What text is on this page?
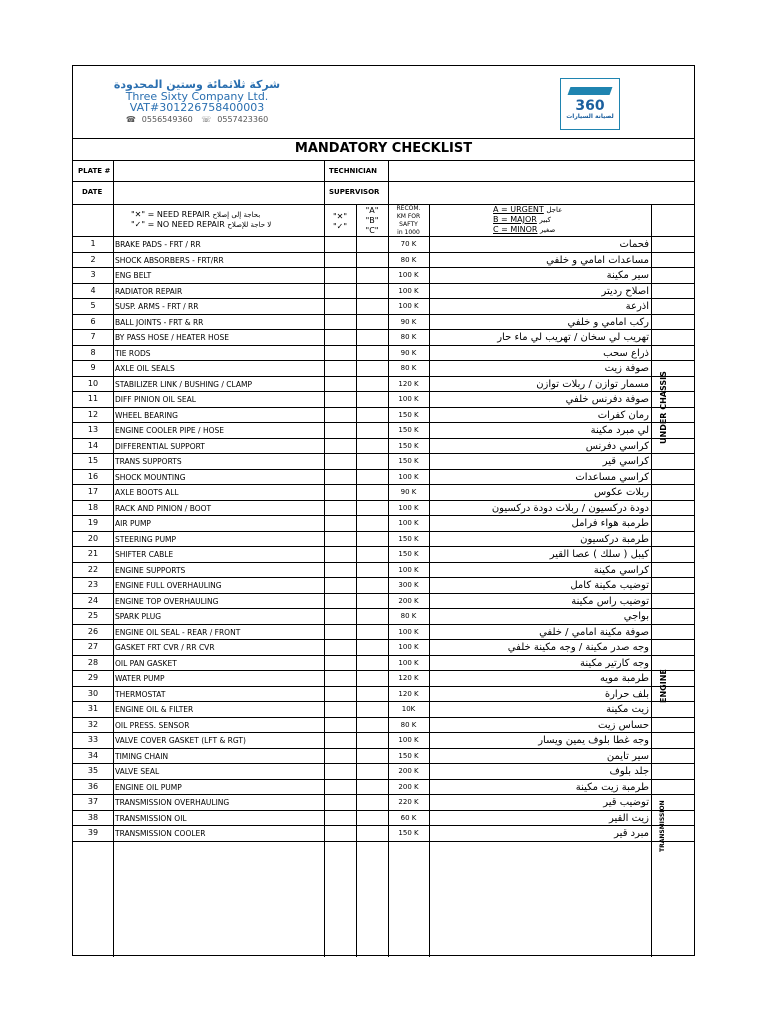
شركة ثلاثمائة وستين المحدودة
Three Sixty Company Ltd.
VAT#301226758400003
☎ 0556549360 ☏ 0557423360
360
لصيانة السيارات
MANDATORY CHECKLIST
PLATE #	TECHNICIAN
DATE	SUPERVISOR
"✕" = NEED REPAIR بحاجة إلى إصلاح
"✓" = NO NEED REPAIR لا حاجة للإصلاح
"✕"
"✓"
"A"
"B"
"C"
RECOM.
KM FOR
SAFTY
in 1000
A = URGENT عاجل
B = MAJOR كبير
C = MINOR صغير
1	BRAKE PADS - FRT / RR	70 K	فحمات
2	SHOCK ABSORBERS - FRT/RR	80 K	مساعدات امامي و خلفي
3	ENG BELT	100 K	سير مكينة
4	RADIATOR REPAIR	100 K	اصلاح رديتر
5	SUSP. ARMS - FRT / RR	100 K	اذرعة
6	BALL JOINTS - FRT & RR	90 K	ركب امامي و خلفي
7	BY PASS HOSE / HEATER HOSE	80 K	تهريب لي سخان / تهريب لي ماء حار
8	TIE RODS	90 K	ذراع سحب
9	AXLE OIL SEALS	80 K	صوفة زيت
10	STABILIZER LINK / BUSHING / CLAMP	120 K	مسمار توازن / ربلات توازن
11	DIFF PINION OIL SEAL	100 K	صوفة دفرنس خلفي
12	WHEEL BEARING	150 K	رمان كفرات
13	ENGINE COOLER PIPE / HOSE	150 K	لي مبرد مكينة
14	DIFFERENTIAL SUPPORT	150 K	كراسي دفرنس
15	TRANS SUPPORTS	150 K	كراسي قير
16	SHOCK MOUNTING	100 K	كراسي مساعدات
17	AXLE BOOTS ALL	90 K	ربلات عكوس
18	RACK AND PINION / BOOT	100 K	دودة دركسيون / ربلات دودة دركسيون
19	AIR PUMP	100 K	طرمبة هواء فرامل
20	STEERING PUMP	150 K	طرمبة دركسيون
21	SHIFTER CABLE	150 K	كيبل ( سلك ) عصا القير
22	ENGINE SUPPORTS	100 K	كراسي مكينة
23	ENGINE FULL OVERHAULING	300 K	توضيب مكينة كامل
24	ENGINE TOP OVERHAULING	200 K	توضيب راس مكينة
25	SPARK PLUG	80 K	بواجي
26	ENGINE OIL SEAL - REAR / FRONT	100 K	صوفة مكينة امامي / خلفي
27	GASKET FRT CVR / RR CVR	100 K	وجه صدر مكينة / وجه مكينة خلفي
28	OIL PAN GASKET	100 K	وجه كارتير مكينة
29	WATER PUMP	120 K	طرمبة مويه
30	THERMOSTAT	120 K	بلف حرارة
31	ENGINE OIL & FILTER	10K	زيت مكينة
32	OIL PRESS. SENSOR	80 K	حساس زيت
33	VALVE COVER GASKET (LFT & RGT)	100 K	وجه غطا بلوف يمين ويسار
34	TIMING CHAIN	150 K	سير تايمن
35	VALVE SEAL	200 K	جلد بلوف
36	ENGINE OIL PUMP	200 K	طرمبة زيت مكينة
37	TRANSMISSION OVERHAULING	220 K	توضيب قير
38	TRANSMISSION OIL	60 K	زيت القير
39	TRANSMISSION COOLER	150 K	مبرد قير
UNDER CHASSIS
ENGINE
TRANSMISSION
